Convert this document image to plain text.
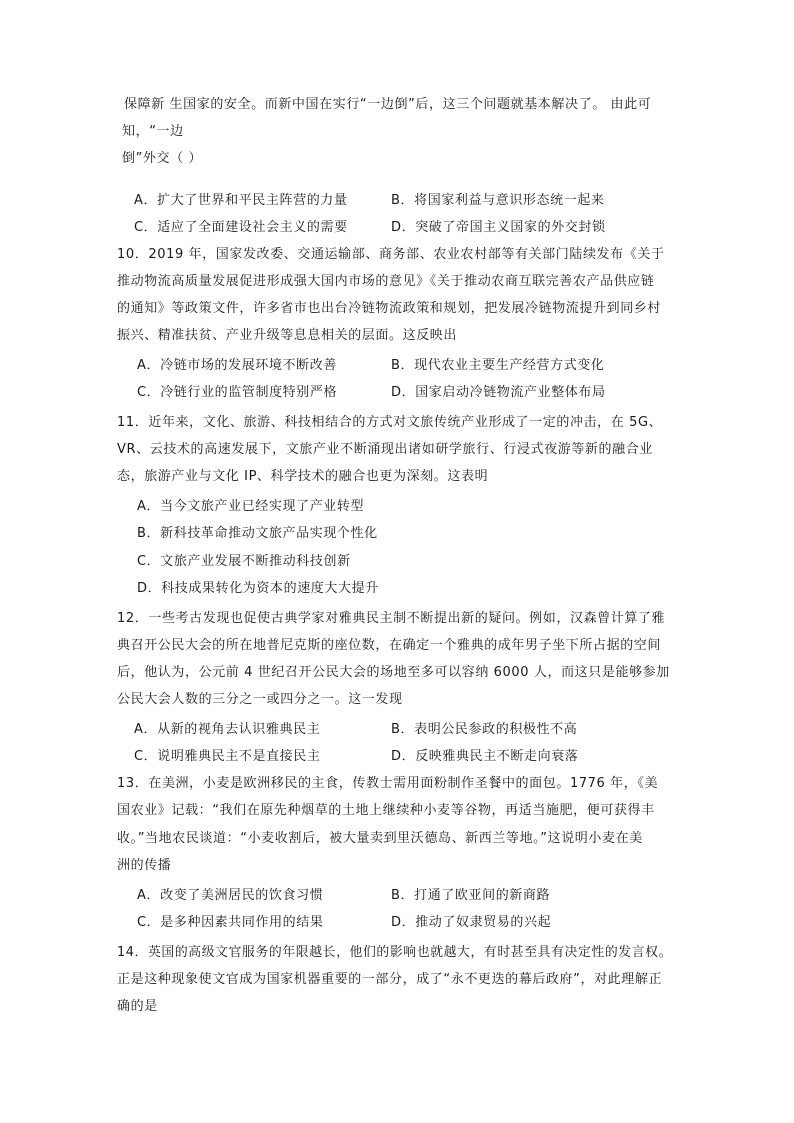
保障新 生国家的安全。而新中国在实行“一边倒”后，这三个问题就基本解决了。 由此可
知，“一边
倒”外交（ ）
A．扩大了世界和平民主阵营的力量	B．将国家利益与意识形态统一起来
C．适应了全面建设社会主义的需要	D．突破了帝国主义国家的外交封锁
10．2019 年，国家发改委、交通运输部、商务部、农业农村部等有关部门陆续发布《关于
推动物流高质量发展促进形成强大国内市场的意见》《关于推动农商互联完善农产品供应链
的通知》等政策文件，许多省市也出台冷链物流政策和规划，把发展冷链物流提升到同乡村
振兴、精准扶贫、产业升级等息息相关的层面。这反映出
A．冷链市场的发展环境不断改善	B．现代农业主要生产经营方式变化
C．冷链行业的监管制度特别严格	D．国家启动冷链物流产业整体布局
11．近年来，文化、旅游、科技相结合的方式对文旅传统产业形成了一定的冲击，在 5G、
VR、云技术的高速发展下，文旅产业不断涌现出诸如研学旅行、行浸式夜游等新的融合业
态，旅游产业与文化 IP、科学技术的融合也更为深刻。这表明
A．当今文旅产业已经实现了产业转型
B．新科技革命推动文旅产品实现个性化
C．文旅产业发展不断推动科技创新
D．科技成果转化为资本的速度大大提升
12．一些考古发现也促使古典学家对雅典民主制不断提出新的疑问。例如，汉森曾计算了雅
典召开公民大会的所在地普尼克斯的座位数，在确定一个雅典的成年男子坐下所占据的空间
后，他认为，公元前 4 世纪召开公民大会的场地至多可以容纳 6000 人，而这只是能够参加
公民大会人数的三分之一或四分之一。这一发现
A．从新的视角去认识雅典民主	B．表明公民参政的积极性不高
C．说明雅典民主不是直接民主	D．反映雅典民主不断走向衰落
13．在美洲，小麦是欧洲移民的主食，传教士需用面粉制作圣餐中的面包。1776 年，《美
国农业》记载：“我们在原先种烟草的土地上继续种小麦等谷物，再适当施肥，便可获得丰
收。”当地农民谈道：“小麦收割后，被大量卖到里沃德岛、新西兰等地。”这说明小麦在美
洲的传播
A．改变了美洲居民的饮食习惯	B．打通了欧亚间的新商路
C．是多种因素共同作用的结果	D．推动了奴隶贸易的兴起
14．英国的高级文官服务的年限越长，他们的影响也就越大，有时甚至具有决定性的发言权。
正是这种现象使文官成为国家机器重要的一部分，成了“永不更迭的幕后政府”，对此理解正
确的是
